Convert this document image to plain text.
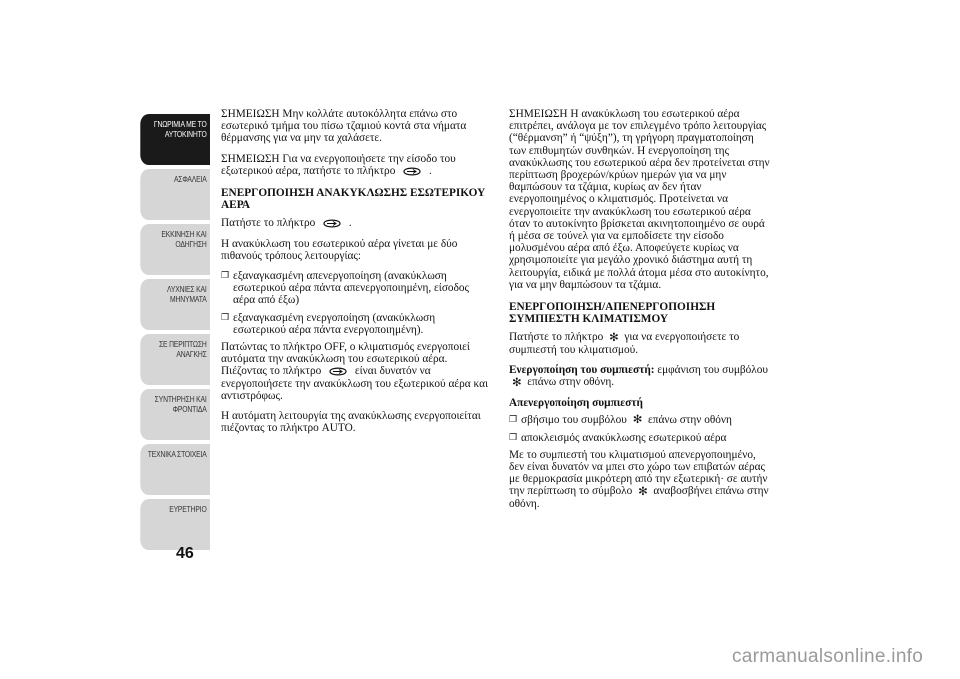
ΓΝΩΡΙΜΙΑ ΜΕ ΤΟ
ΑΥΤΟΚΙΝΗΤΟ
ΑΣΦΑΛΕΙΑ
ΕΚΚΙΝΗΣΗ ΚΑΙ
ΟΔΗΓΗΣΗ
ΛΥΧΝΙΕΣ ΚΑΙ
ΜΗΝΥΜΑΤΑ
ΣΕ ΠΕΡΙΠΤΩΣΗ
ΑΝΑΓΚΗΣ
ΣΥΝΤΗΡΗΣΗ ΚΑΙ
ΦΡΟΝΤΙΔΑ
ΤΕΧΝΙΚΑ ΣΤΟΙΧΕΙΑ
ΕΥΡΕΤΗΡΙΟ
46

ΣΗΜΕΙΩΣΗ Μην κολλάτε αυτοκόλλητα επάνω στο εσωτερικό τμήμα του πίσω τζαμιού κοντά στα νήματα θέρμανσης για να μην τα χαλάσετε.

ΣΗΜΕΙΩΣΗ Για να ενεργοποιήσετε την είσοδο του εξωτερικού αέρα, πατήστε το πλήκτρο	.

ΕΝΕΡΓΟΠΟΙΗΣΗ ΑΝΑΚΥΚΛΩΣΗΣ ΕΣΩΤΕΡΙΚΟΥ ΑΕΡΑ

Πατήστε το πλήκτρο	.

Η ανακύκλωση του εσωτερικού αέρα γίνεται με δύο πιθανούς τρόπους λειτουργίας:

❒ εξαναγκασμένη απενεργοποίηση (ανακύκλωση εσωτερικού αέρα πάντα απενεργοποιημένη, είσοδος αέρα από έξω)
❒ εξαναγκασμένη ενεργοποίηση (ανακύκλωση εσωτερικού αέρα πάντα ενεργοποιημένη).

Πατώντας το πλήκτρο OFF, ο κλιματισμός ενεργοποιεί αυτόματα την ανακύκλωση του εσωτερικού αέρα. Πιέζοντας το πλήκτρο	είναι δυνατόν να ενεργοποιήσετε την ανακύκλωση του εξωτερικού αέρα και αντιστρόφως.

Η αυτόματη λειτουργία της ανακύκλωσης ενεργοποιείται πιέζοντας το πλήκτρο AUTO.

ΣΗΜΕΙΩΣΗ Η ανακύκλωση του εσωτερικού αέρα επιτρέπει, ανάλογα με τον επιλεγμένο τρόπο λειτουργίας (“θέρμανση” ή “ψύξη”), τη γρήγορη πραγματοποίηση των επιθυμητών συνθηκών. Η ενεργοποίηση της ανακύκλωσης του εσωτερικού αέρα δεν προτείνεται στην περίπτωση βροχερών/κρύων ημερών για να μην θαμπώσουν τα τζάμια, κυρίως αν δεν ήταν ενεργοποιημένος ο κλιματισμός. Προτείνεται να ενεργοποιείτε την ανακύκλωση του εσωτερικού αέρα όταν το αυτοκίνητο βρίσκεται ακινητοποιημένο σε ουρά ή μέσα σε τούνελ για να εμποδίσετε την είσοδο μολυσμένου αέρα από έξω. Αποφεύγετε κυρίως να χρησιμοποιείτε για μεγάλο χρονικό διάστημα αυτή τη λειτουργία, ειδικά με πολλά άτομα μέσα στο αυτοκίνητο, για να μην θαμπώσουν τα τζάμια.

ΕΝΕΡΓΟΠΟΙΗΣΗ/ΑΠΕΝΕΡΓΟΠΟΙΗΣΗ ΣΥΜΠΙΕΣΤΗ ΚΛΙΜΑΤΙΣΜΟΥ

Πατήστε το πλήκτρο ✻ για να ενεργοποιήσετε το συμπιεστή του κλιματισμού.

Ενεργοποίηση του συμπιεστή: εμφάνιση του συμβόλου ✻ επάνω στην οθόνη.

Απενεργοποίηση συμπιεστή

❒ σβήσιμο του συμβόλου ✻ επάνω στην οθόνη
❒ αποκλεισμός ανακύκλωσης εσωτερικού αέρα

Με το συμπιεστή του κλιματισμού απενεργοποιημένο, δεν είναι δυνατόν να μπει στο χώρο των επιβατών αέρας με θερμοκρασία μικρότερη από την εξωτερική· σε αυτήν την περίπτωση το σύμβολο ✻ αναβοσβήνει επάνω στην οθόνη.

carmanualsonline.info
